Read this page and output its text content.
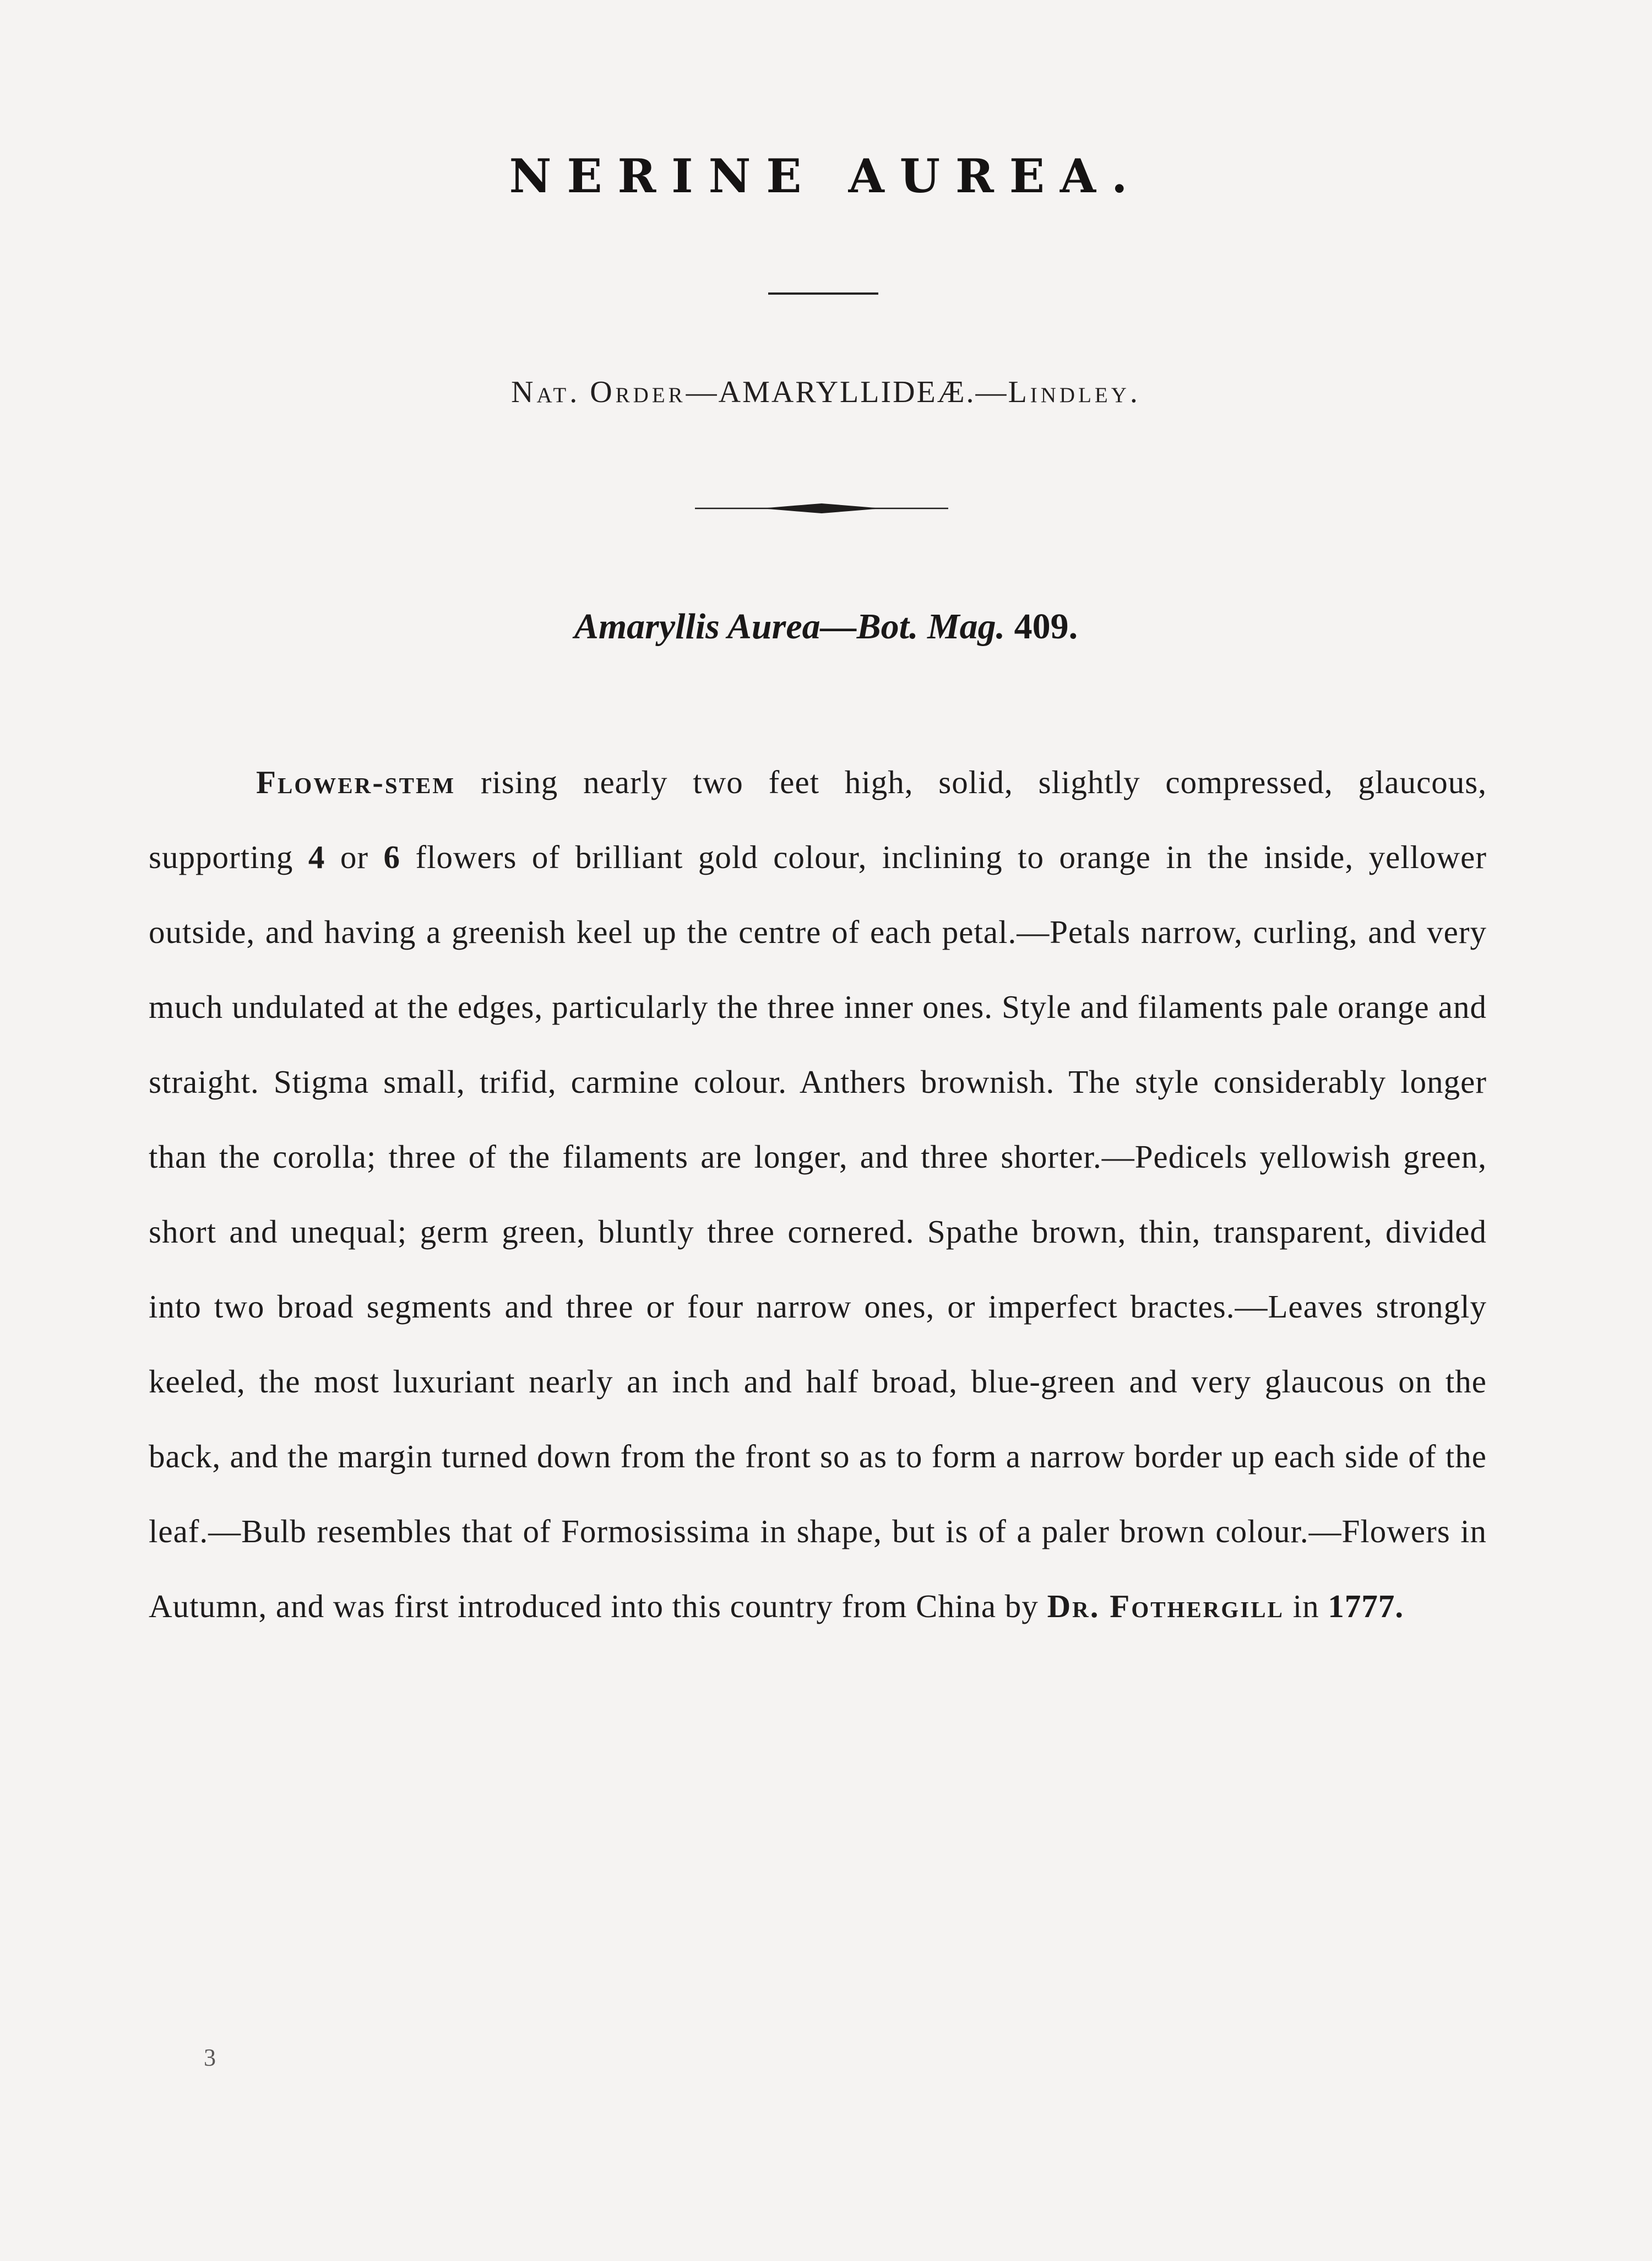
NERINE AUREA.
Nat. Order—AMARYLLIDEÆ.—Lindley.
Amaryllis Aurea—Bot. Mag. 409.

Flower-stem rising nearly two feet high, solid, slightly compressed, glaucous, supporting 4 or 6 flowers of brilliant gold colour, inclining to orange in the inside, yellower outside, and having a greenish keel up the centre of each petal.—Petals narrow, curling, and very much undulated at the edges, particularly the three inner ones. Style and filaments pale orange and straight. Stigma small, trifid, carmine colour. Anthers brownish. The style considerably longer than the corolla; three of the filaments are longer, and three shorter.—Pedicels yellowish green, short and unequal; germ green, bluntly three cornered. Spathe brown, thin, transparent, divided into two broad segments and three or four narrow ones, or imperfect bractes.—Leaves strongly keeled, the most luxuriant nearly an inch and half broad, blue-green and very glaucous on the back, and the margin turned down from the front so as to form a narrow border up each side of the leaf.—Bulb resembles that of Formosissima in shape, but is of a paler brown colour.—Flowers in Autumn, and was first introduced into this country from China by Dr. Fothergill in 1777.

3
